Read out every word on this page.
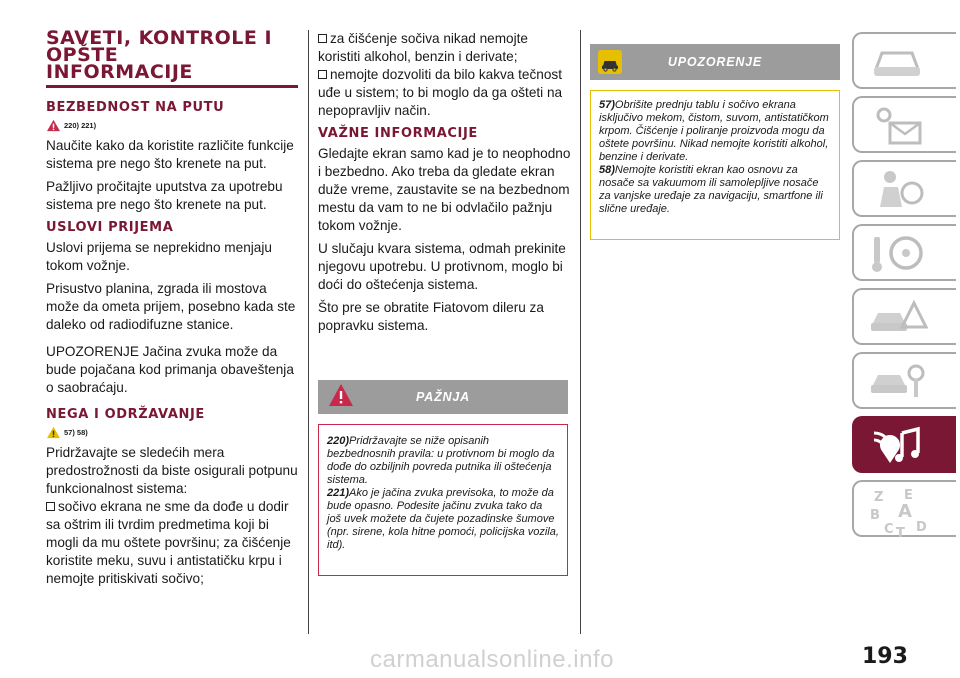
SAVETI, KONTROLE I
OPŠTE
INFORMACIJE
BEZBEDNOST NA PUTU
220) 221)

Naučite kako da koristite različite funkcije sistema pre nego što krenete na put.

Pažljivo pročitajte uputstva za upotrebu sistema pre nego što krenete na put.

USLOVI PRIJEMA

Uslovi prijema se neprekidno menjaju tokom vožnje.

Prisustvo planina, zgrada ili mostova može da ometa prijem, posebno kada ste daleko od radiodifuzne stanice.

UPOZORENJE Jačina zvuka može da bude pojačana kod primanja obaveštenja o saobraćaju.

NEGA I ODRŽAVANJE
57) 58)

Pridržavajte se sledećih mera predostrožnosti da biste osigurali potpunu funkcionalnost sistema:

sočivo ekrana ne sme da dođe u dodir sa oštrim ili tvrdim predmetima koji bi mogli da mu oštete površinu; za čišćenje koristite meku, suvu i antistatičku krpu i nemojte pritiskivati sočivo;
za čišćenje sočiva nikad nemojte koristiti alkohol, benzin i derivate;
nemojte dozvoliti da bilo kakva tečnost uđe u sistem; to bi moglo da ga ošteti na nepopravljiv način.
VAŽNE INFORMACIJE

Gledajte ekran samo kad je to neophodno i bezbedno. Ako treba da gledate ekran duže vreme, zaustavite se na bezbednom mestu da vam to ne bi odvlačilo pažnju tokom vožnje.

U slučaju kvara sistema, odmah prekinite njegovu upotrebu. U protivnom, moglo bi doći do oštećenja sistema.

Što pre se obratite Fiatovom dileru za popravku sistema.

PAŽNJA

220)Pridržavajte se niže opisanih bezbednosnih pravila: u protivnom bi moglo da dođe do ozbiljnih povreda putnika ili oštećenja sistema.

221)Ako je jačina zvuka previsoka, to može da bude opasno. Podesite jačinu zvuka tako da još uvek možete da čujete pozadinske šumove (npr. sirene, kola hitne pomoći, policijska vozila, itd).

UPOZORENJE

57)Obrišite prednju tablu i sočivo ekrana isključivo mekom, čistom, suvom, antistatičkom krpom. Čišćenje i poliranje proizvoda mogu da oštete površinu. Nikad nemojte koristiti alkohol, benzine i derivate.

58)Nemojte koristiti ekran kao osnovu za nosače sa vakuumom ili samolepljive nosače za vanjske uređaje za navigaciju, smartfone ili slične uređaje.

Z E
B A
C T D
193
carmanualsonline.info
